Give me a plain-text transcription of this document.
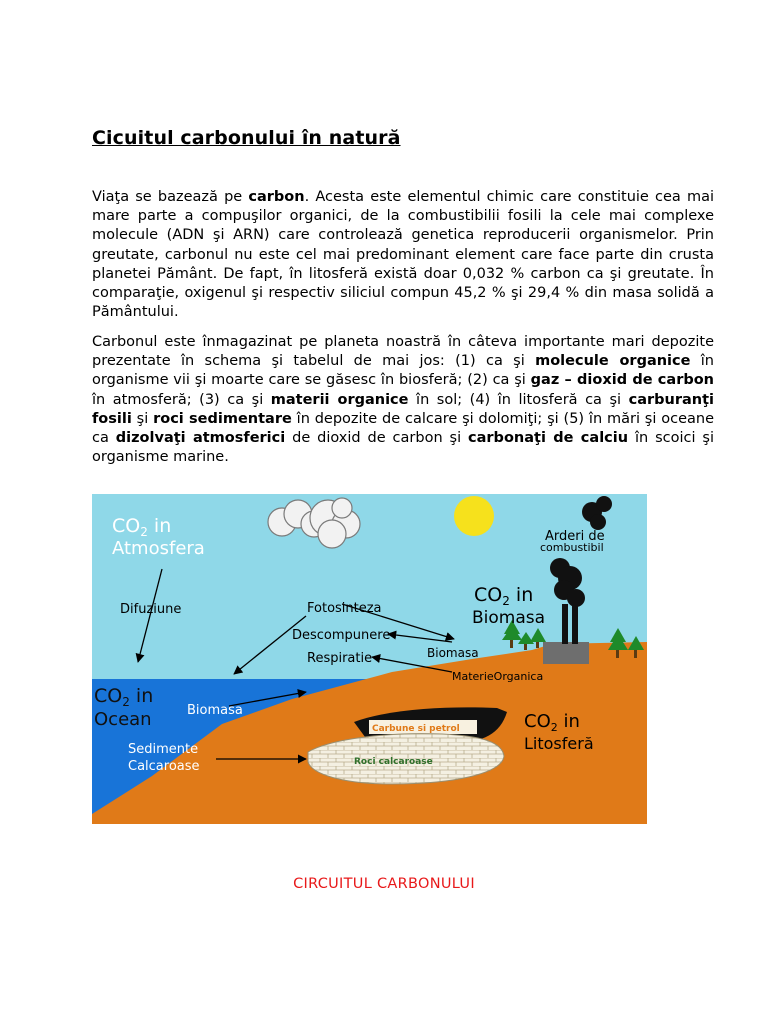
Cicuitul carbonului în natură

Viaţa se bazează pe carbon. Acesta este elementul chimic care constituie cea mai mare parte a compuşilor organici, de la combustibilii fosili la cele mai complexe molecule (ADN şi ARN) care controlează genetica reproducerii organismelor. Prin greutate, carbonul nu este cel mai predominant element care face parte din crusta planetei Pământ. De fapt, în litosferă există doar 0,032 % carbon ca şi greutate. În comparaţie, oxigenul şi respectiv siliciul compun 45,2 % şi 29,4 % din masa solidă a Pământului.

Carbonul este înmagazinat pe planeta noastră în câteva importante mari depozite prezentate în schema şi tabelul de mai jos: (1) ca şi molecule organice în organisme vii şi moarte care se găsesc în biosferă; (2) ca şi gaz – dioxid de carbon în atmosferă; (3) ca şi materii organice în sol; (4) în litosferă ca şi carburanţi fosili şi roci sedimentare în depozite de calcare şi dolomiţi; şi (5) în mări şi oceane ca dizolvaţi atmosferici de dioxid de carbon şi carbonaţi de calciu în scoici şi organisme marine.

$CO_2$ in
Atmosfera
Arderi de
combustibil
Difuziune	Fotosinteza
Descompunere
Respiratie	Biomasa
MaterieOrganica
$CO_2$ in
Biomasa
$CO_2$ in
Ocean	Biomasa
Sedimente
Calcaroase
Carbune si petrol
Roci calcaroase
$CO_2$ in
Litosferă
CIRCUITUL CARBONULUI
